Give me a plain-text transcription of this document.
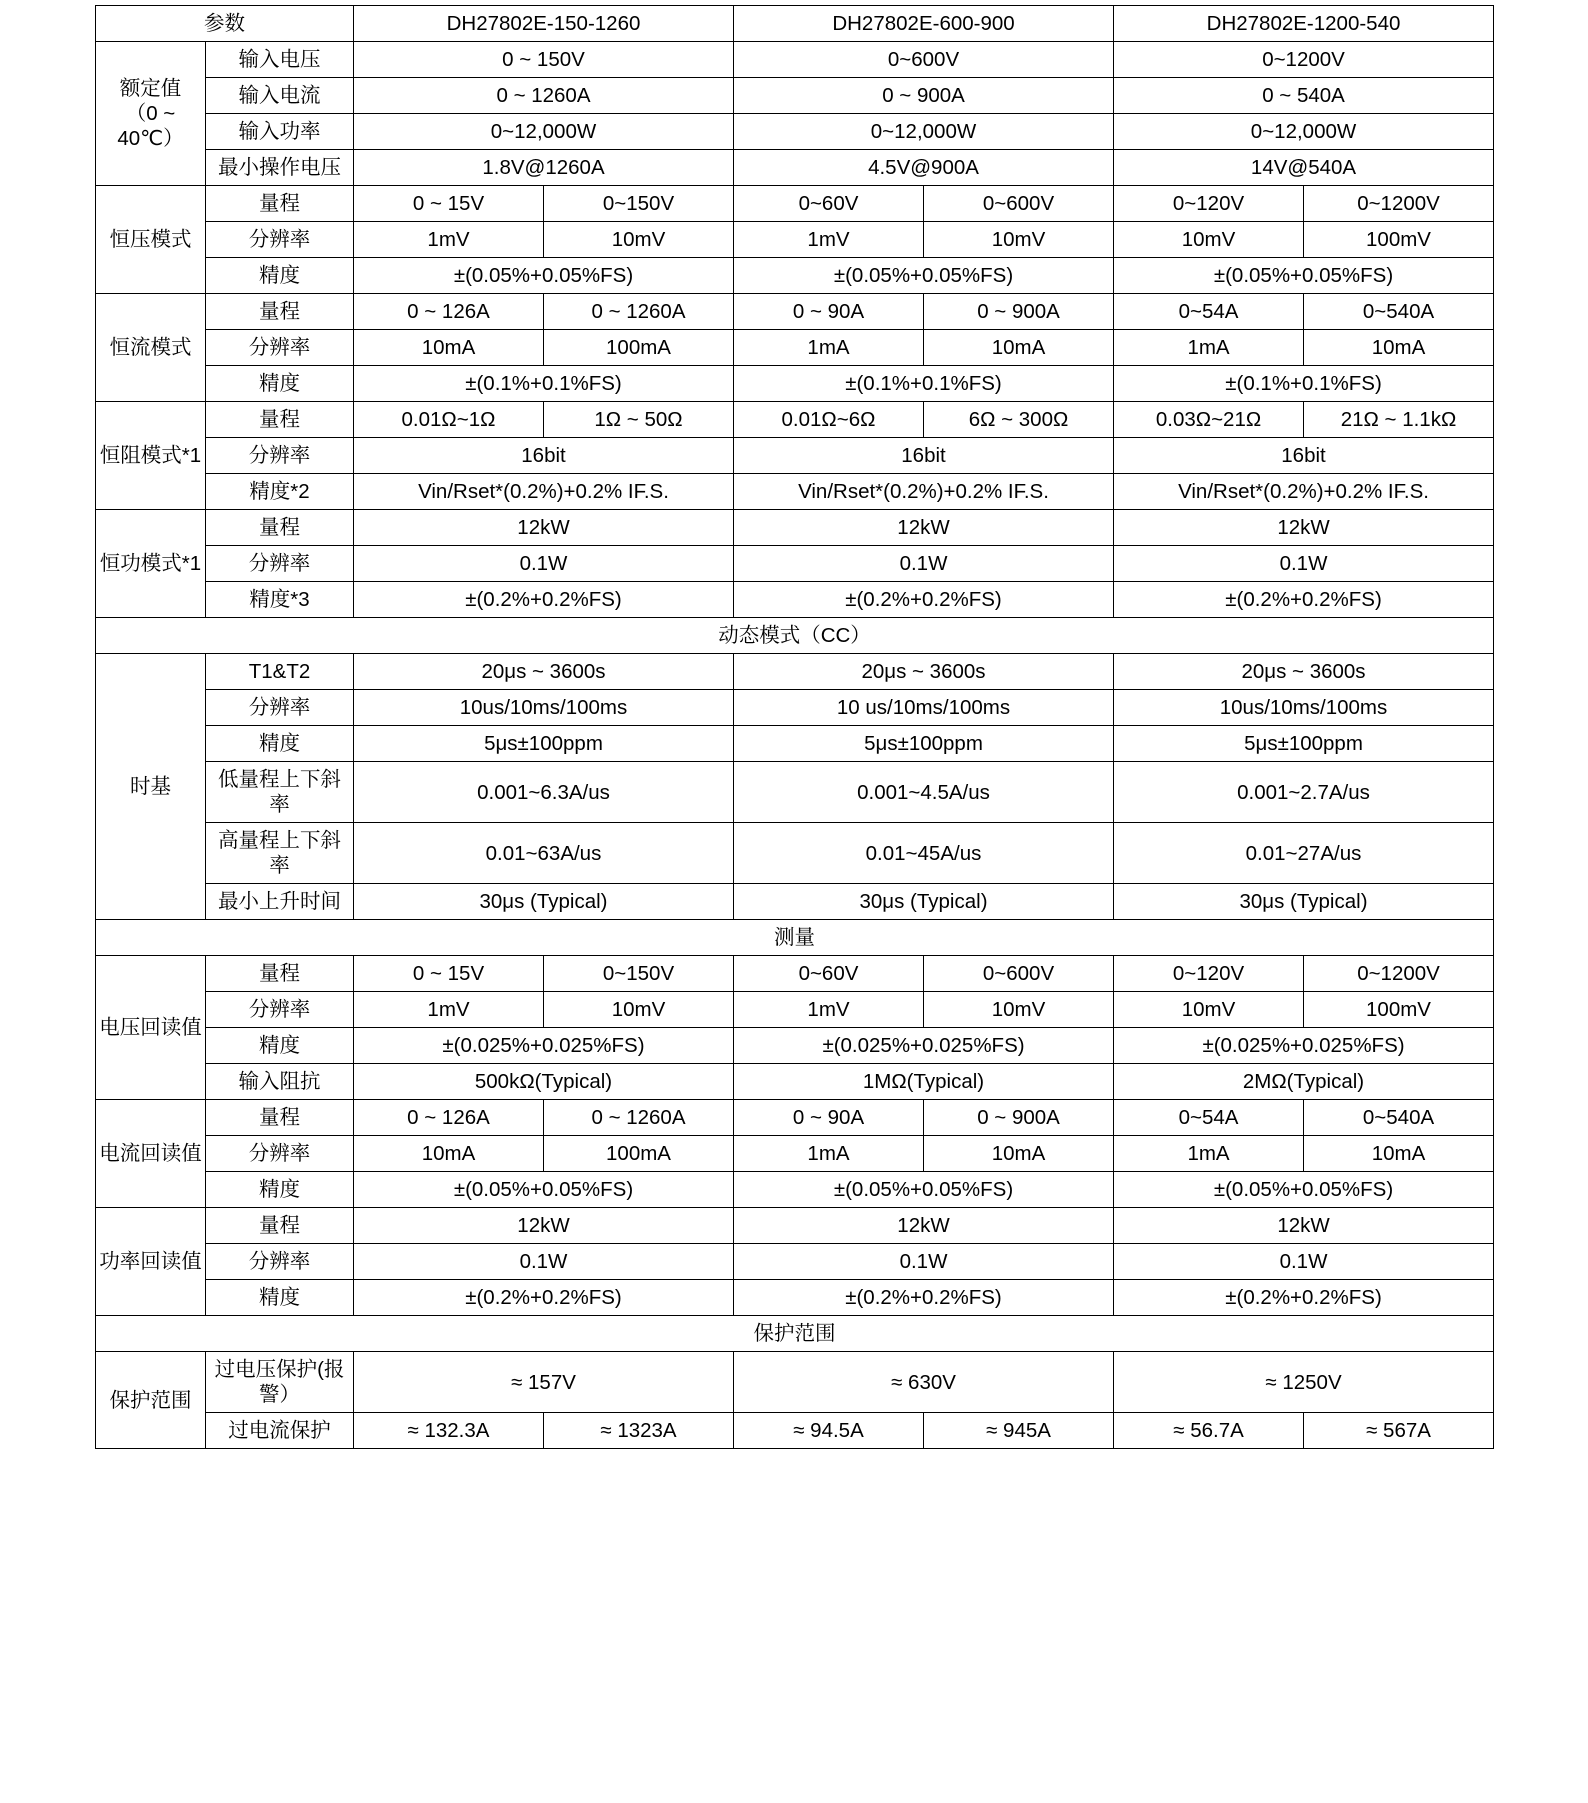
参数		DH27802E-150-1260		DH27802E-600-900		DH27802E-1200-540	

额定值
（0 ~
40℃）	输入电压	0 ~ 150V		0~600V		0~1200V	
	输入电流	0 ~ 1260A		0 ~ 900A		0 ~ 540A	
	输入功率	0~12,000W		0~12,000W		0~12,000W	
	最小操作电压	1.8V@1260A		4.5V@900A		14V@540A	
恒压模式	量程	0 ~ 15V	0~150V	0~60V	0~600V	0~120V	0~1200V
	分辨率	1mV	10mV	1mV	10mV	10mV	100mV
	精度	±(0.05%+0.05%FS)		±(0.05%+0.05%FS)		±(0.05%+0.05%FS)	
恒流模式	量程	0 ~ 126A	0 ~ 1260A	0 ~ 90A	0 ~ 900A	0~54A	0~540A
	分辨率	10mA	100mA	1mA	10mA	1mA	10mA
	精度	±(0.1%+0.1%FS)		±(0.1%+0.1%FS)		±(0.1%+0.1%FS)	
恒阻模式*1	量程	0.01Ω~1Ω	1Ω ~ 50Ω	0.01Ω~6Ω	6Ω ~ 300Ω	0.03Ω~21Ω	21Ω ~ 1.1kΩ
	分辨率	16bit		16bit		16bit	
	精度*2	Vin/Rset*(0.2%)+0.2% IF.S.		Vin/Rset*(0.2%)+0.2% IF.S.		Vin/Rset*(0.2%)+0.2% IF.S.	
恒功模式*1	量程	12kW		12kW		12kW	
	分辨率	0.1W		0.1W		0.1W	
	精度*3	±(0.2%+0.2%FS)		±(0.2%+0.2%FS)		±(0.2%+0.2%FS)	
动态模式（CC）							
时基	T1&T2	20μs ~ 3600s		20μs ~ 3600s		20μs ~ 3600s	
	分辨率	10us/10ms/100ms		10 us/10ms/100ms		10us/10ms/100ms	
	精度	5μs±100ppm		5μs±100ppm		5μs±100ppm	
	低量程上下斜率	0.001~6.3A/us		0.001~4.5A/us		0.001~2.7A/us	
	高量程上下斜率	0.01~63A/us		0.01~45A/us		0.01~27A/us	
	最小上升时间	30μs (Typical)		30μs (Typical)		30μs (Typical)	
测量							
电压回读值	量程	0 ~ 15V	0~150V	0~60V	0~600V	0~120V	0~1200V
	分辨率	1mV	10mV	1mV	10mV	10mV	100mV
	精度	±(0.025%+0.025%FS)		±(0.025%+0.025%FS)		±(0.025%+0.025%FS)	
	输入阻抗	500kΩ(Typical)		1MΩ(Typical)		2MΩ(Typical)	
电流回读值	量程	0 ~ 126A	0 ~ 1260A	0 ~ 90A	0 ~ 900A	0~54A	0~540A
	分辨率	10mA	100mA	1mA	10mA	1mA	10mA
	精度	±(0.05%+0.05%FS)		±(0.05%+0.05%FS)		±(0.05%+0.05%FS)	
功率回读值	量程	12kW		12kW		12kW	
	分辨率	0.1W		0.1W		0.1W	
	精度	±(0.2%+0.2%FS)		±(0.2%+0.2%FS)		±(0.2%+0.2%FS)	
保护范围							
保护范围	过电压保护(报警）	≈ 157V		≈ 630V		≈ 1250V	
	过电流保护	≈ 132.3A	≈ 1323A	≈ 94.5A	≈ 945A	≈ 56.7A	≈ 567A
